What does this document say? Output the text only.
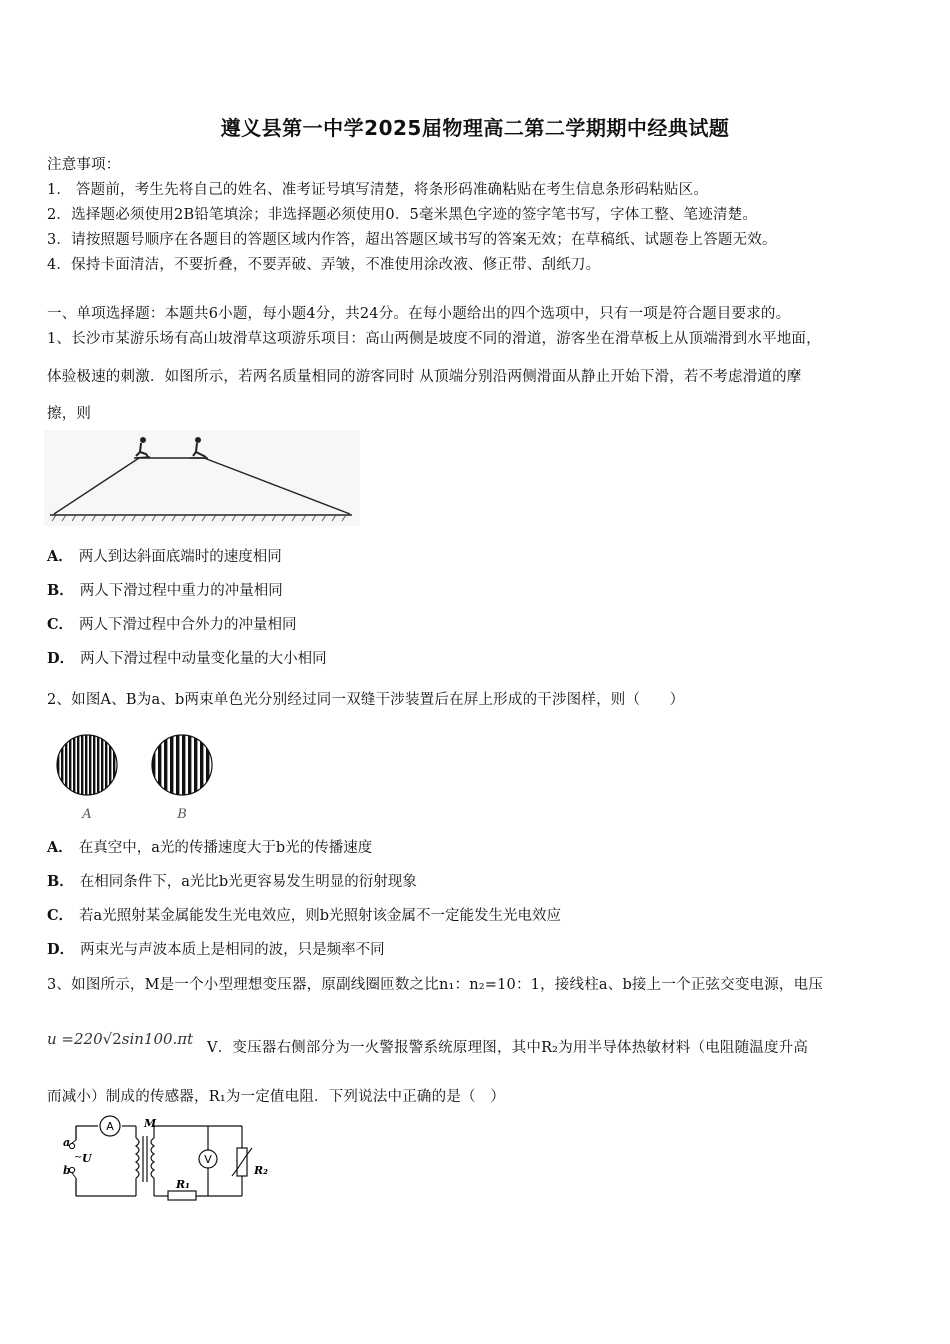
遵义县第一中学2025届物理高二第二学期期中经典试题
注意事项：
1． 答题前，考生先将自己的姓名、准考证号填写清楚，将条形码准确粘贴在考生信息条形码粘贴区。
2．选择题必须使用2B铅笔填涂；非选择题必须使用0．5毫米黑色字迹的签字笔书写，字体工整、笔迹清楚。
3．请按照题号顺序在各题目的答题区域内作答，超出答题区域书写的答案无效；在草稿纸、试题卷上答题无效。
4．保持卡面清洁，不要折叠，不要弄破、弄皱，不准使用涂改液、修正带、刮纸刀。
一、单项选择题：本题共6小题，每小题4分，共24分。在每小题给出的四个选项中，只有一项是符合题目要求的。
1、长沙市某游乐场有高山坡滑草这项游乐项目：高山两侧是坡度不同的滑道，游客坐在滑草板上从顶端滑到水平地面，
体验极速的刺激．如图所示，若两名质量相同的游客同时 从顶端分别沿两侧滑面从静止开始下滑，若不考虑滑道的摩
擦，则
A． 两人到达斜面底端时的速度相同
B． 两人下滑过程中重力的冲量相同
C． 两人下滑过程中合外力的冲量相同
D． 两人下滑过程中动量变化量的大小相同
2、如图A、B为a、b两束单色光分别经过同一双缝干涉装置后在屏上形成的干涉图样，则（　　）
A	B
A． 在真空中，a光的传播速度大于b光的传播速度
B． 在相同条件下，a光比b光更容易发生明显的衍射现象
C． 若a光照射某金属能发生光电效应，则b光照射该金属不一定能发生光电效应
D． 两束光与声波本质上是相同的波，只是频率不同
3、如图所示，M是一个小型理想变压器，原副线圈匝数之比n₁：n₂=10：1，接线柱a、b接上一个正弦交变电源，电压
u =220√2sin100.πt V．变压器右侧部分为一火警报警系统原理图，其中R₂为用半导体热敏材料（电阻随温度升高
而减小）制成的传感器，R₁为一定值电阻．下列说法中正确的是（　）
a
b
~ U
A	M
V
R₁
R₂
